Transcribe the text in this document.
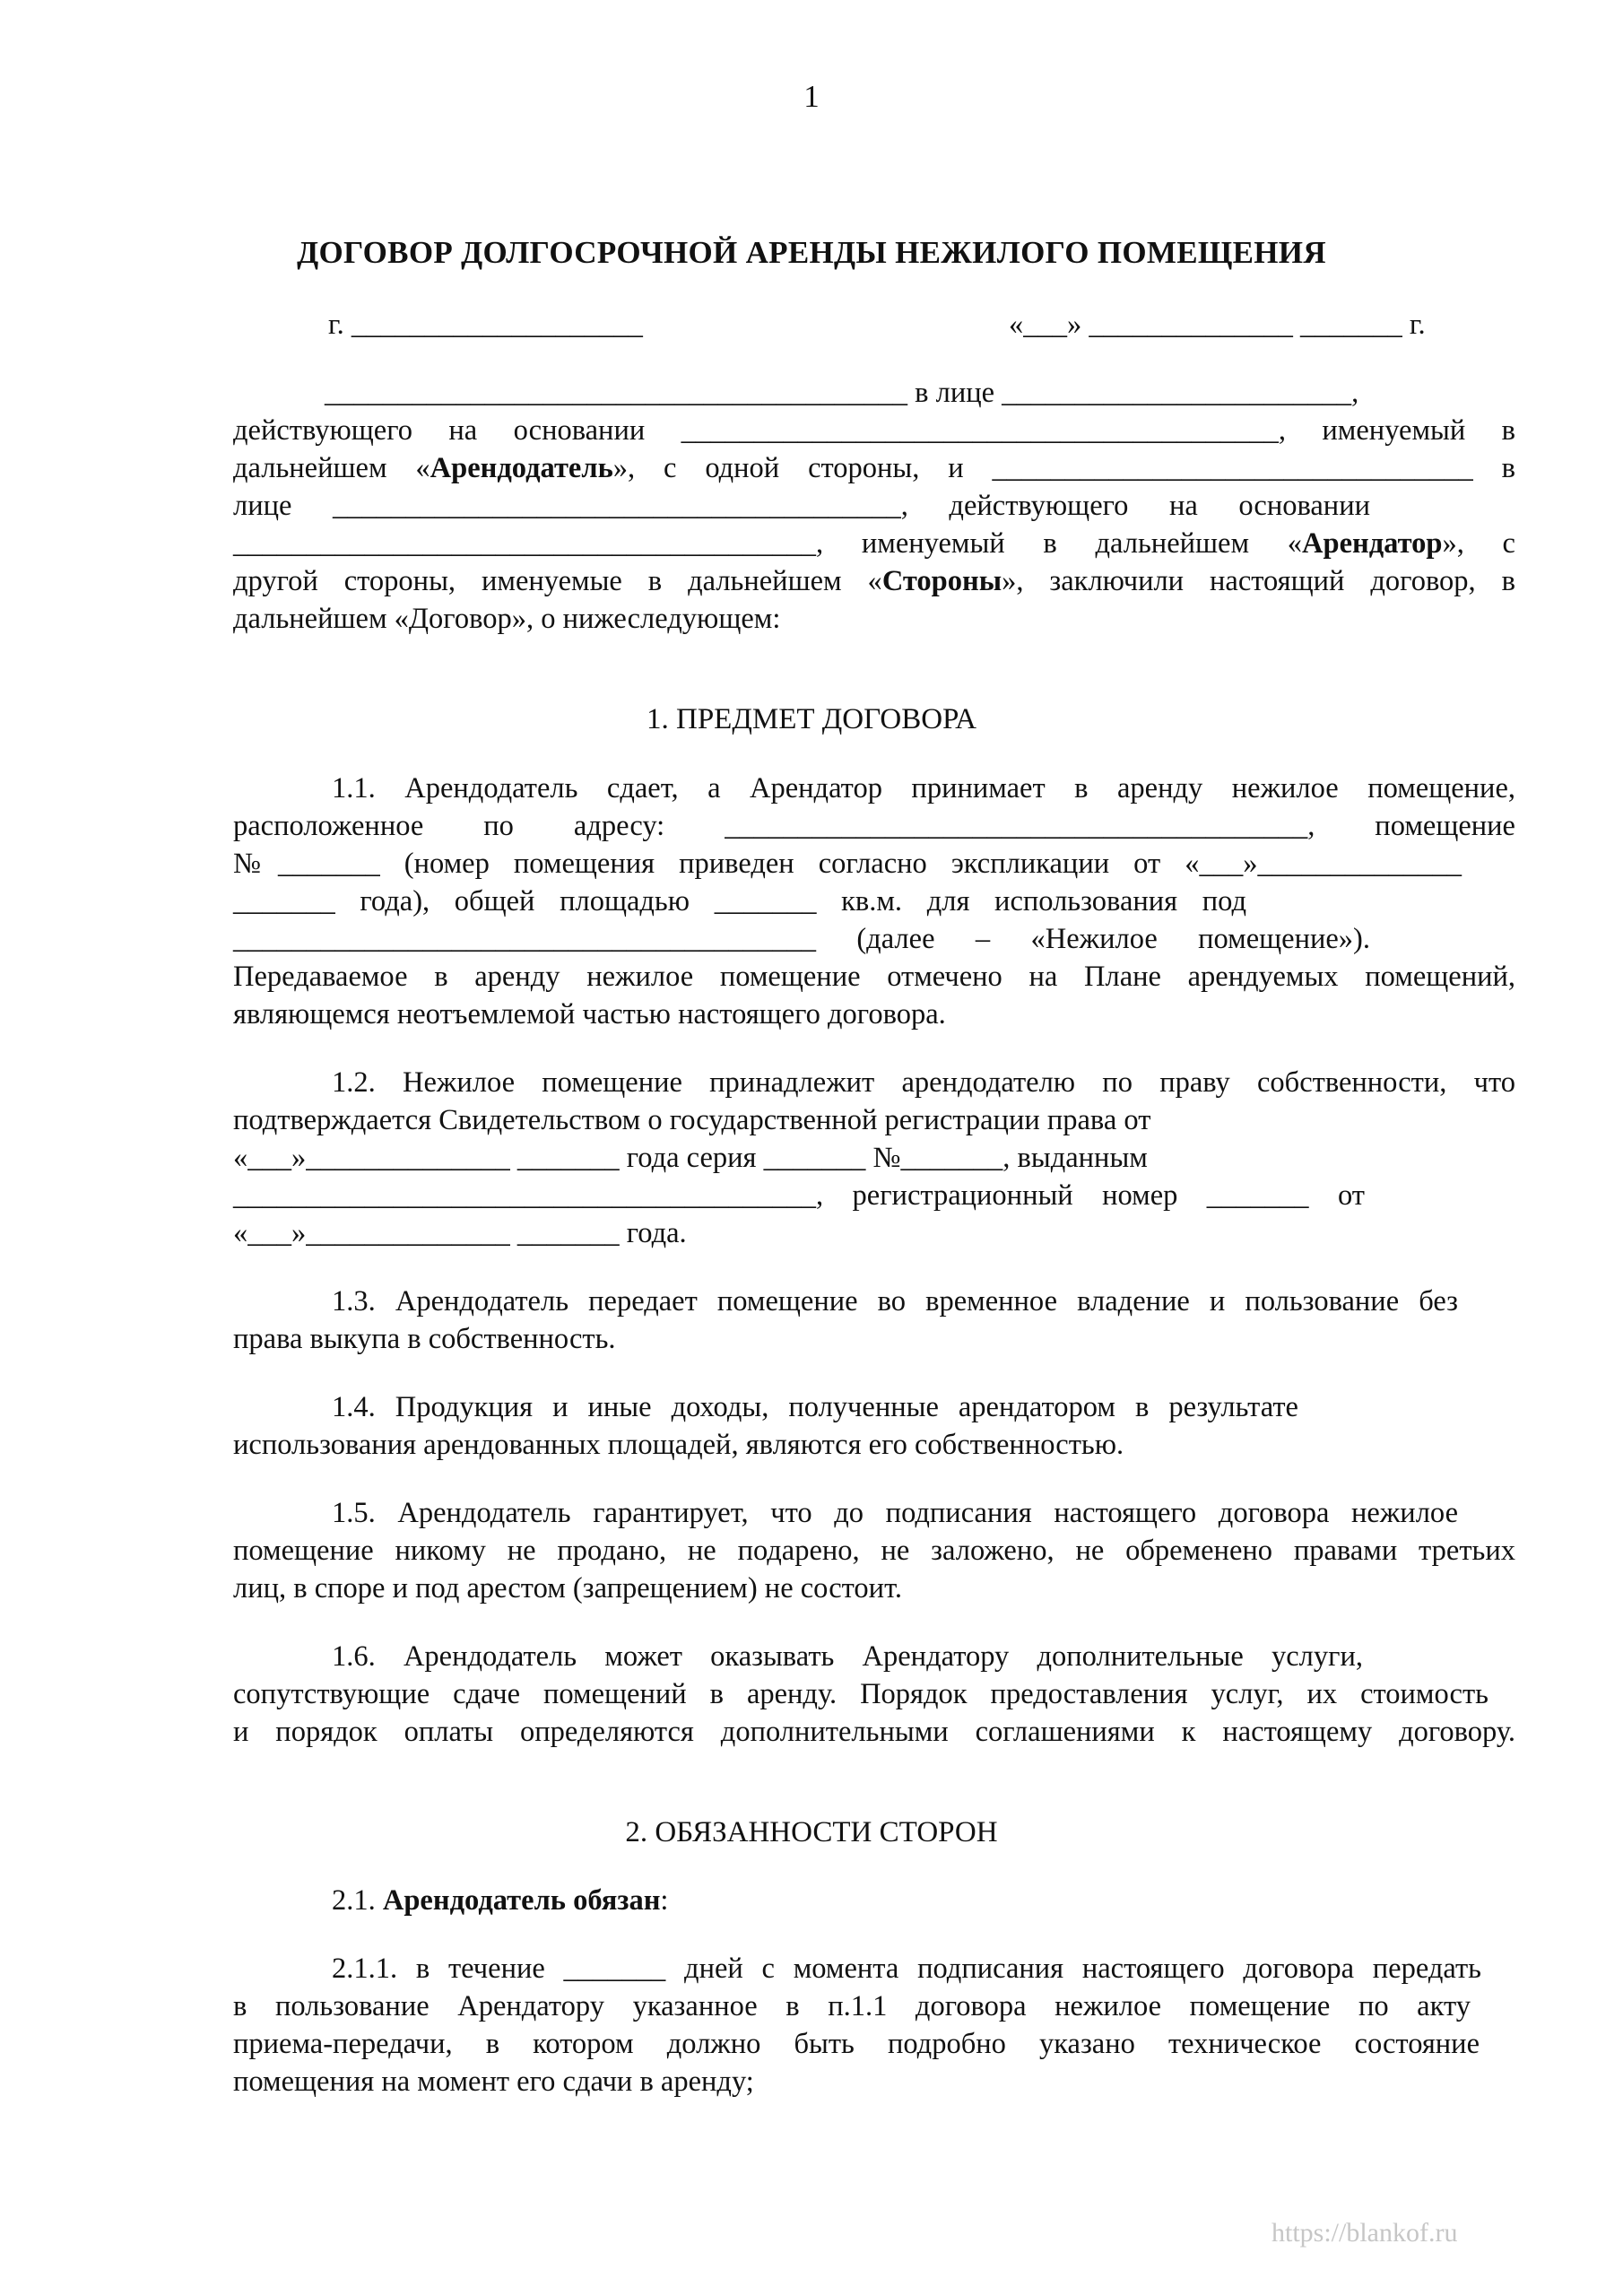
1
ДОГОВОР ДОЛГОСРОЧНОЙ АРЕНДЫ НЕЖИЛОГО ПОМЕЩЕНИЯ
г. ____________________	«___» ______________ _______ г.
________________________________________ в лице ________________________,
действующего на основании _________________________________________, именуемый в
дальнейшем «Арендодатель», с одной стороны, и _________________________________ в
лице _______________________________________, действующего на основании
________________________________________, именуемый в дальнейшем «Арендатор», с
другой стороны, именуемые в дальнейшем «Стороны», заключили настоящий договор, в
дальнейшем «Договор», о нижеследующем:
1. ПРЕДМЕТ ДОГОВОРА
1.1. Арендодатель сдает, а Арендатор принимает в аренду нежилое помещение,
расположенное по адресу: ________________________________________, помещение
№_______ (номер помещения приведен согласно экспликации от «___»______________
_______ года), общей площадью _______ кв.м. для использования под
________________________________________ (далее – «Нежилое помещение»).
Передаваемое в аренду нежилое помещение отмечено на Плане арендуемых помещений,
являющемся неотъемлемой частью настоящего договора.
1.2. Нежилое помещение принадлежит арендодателю по праву собственности, что
подтверждается Свидетельством о государственной регистрации права от
«___»______________ _______ года серия _______ №_______, выданным
________________________________________, регистрационный номер _______ от
«___»______________ _______ года.
1.3. Арендодатель передает помещение во временное владение и пользование без
права выкупа в собственность.
1.4. Продукция и иные доходы, полученные арендатором в результате
использования арендованных площадей, являются его собственностью.
1.5. Арендодатель гарантирует, что до подписания настоящего договора нежилое
помещение никому не продано, не подарено, не заложено, не обременено правами третьих
лиц, в споре и под арестом (запрещением) не состоит.
1.6. Арендодатель может оказывать Арендатору дополнительные услуги,
сопутствующие сдаче помещений в аренду. Порядок предоставления услуг, их стоимость
и порядок оплаты определяются дополнительными соглашениями к настоящему договору.
2. ОБЯЗАННОСТИ СТОРОН
2.1. Арендодатель обязан:
2.1.1. в течение _______ дней с момента подписания настоящего договора передать
в пользование Арендатору указанное в п.1.1 договора нежилое помещение по акту
приема-передачи, в котором должно быть подробно указано техническое состояние
помещения на момент его сдачи в аренду;
https://blankof.ru
